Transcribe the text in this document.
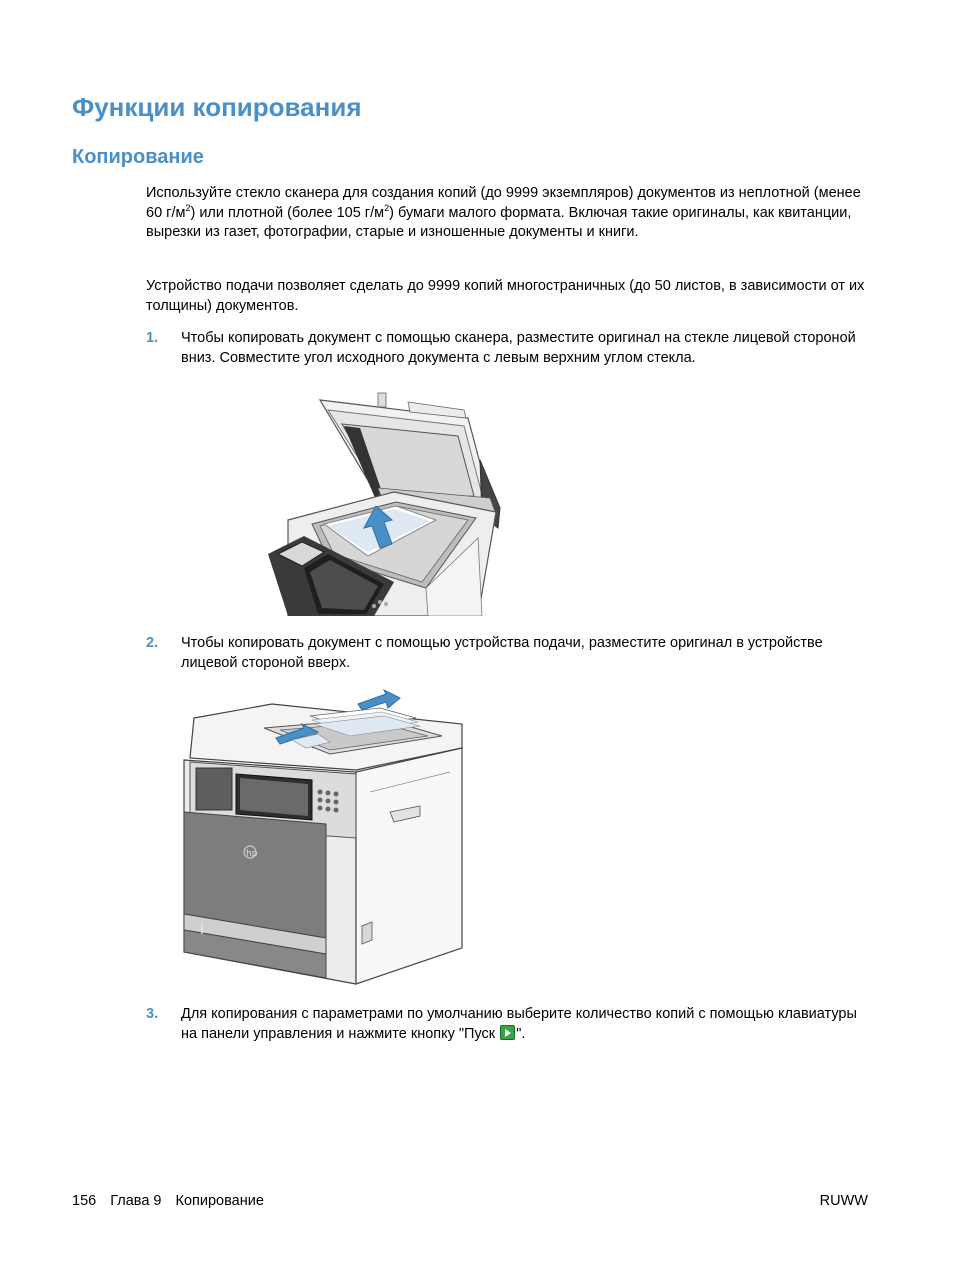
Функции копирования
Копирование

Используйте стекло сканера для создания копий (до 9999 экземпляров) документов из неплотной (менее 60 $г/м^2$) или плотной (более 105 $г/м^2$) бумаги малого формата. Включая такие оригиналы, как квитанции, вырезки из газет, фотографии, старые и изношенные документы и книги.

Устройство подачи позволяет сделать до 9999 копий многостраничных (до 50 листов, в зависимости от их толщины) документов.

1. Чтобы копировать документ с помощью сканера, разместите оригинал на стекле лицевой стороной вниз. Совместите угол исходного документа с левым верхним углом стекла.

2. Чтобы копировать документ с помощью устройства подачи, разместите оригинал в устройстве лицевой стороной вверх.

hp
i
3. Для копирования с параметрами по умолчанию выберите количество копий с помощью клавиатуры на панели управления и нажмите кнопку "Пуск ".

156 Глава 9 Копирование	RUWW
